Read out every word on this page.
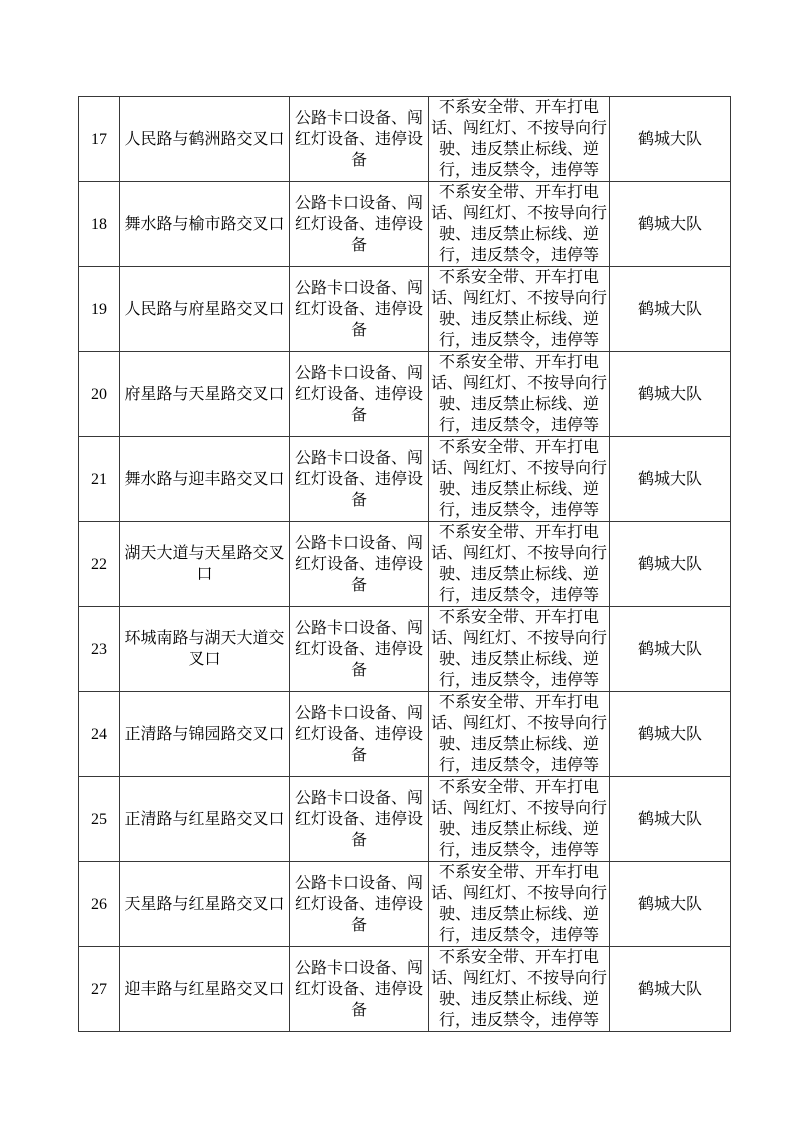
17	人民路与鹤洲路交叉口	公路卡口设备、闯红灯设备、违停设备	不系安全带、开车打电话、闯红灯、不按导向行驶、违反禁止标线、逆行，违反禁令，违停等	鹤城大队
18	舞水路与榆市路交叉口	公路卡口设备、闯红灯设备、违停设备	不系安全带、开车打电话、闯红灯、不按导向行驶、违反禁止标线、逆行，违反禁令，违停等	鹤城大队
19	人民路与府星路交叉口	公路卡口设备、闯红灯设备、违停设备	不系安全带、开车打电话、闯红灯、不按导向行驶、违反禁止标线、逆行，违反禁令，违停等	鹤城大队
20	府星路与天星路交叉口	公路卡口设备、闯红灯设备、违停设备	不系安全带、开车打电话、闯红灯、不按导向行驶、违反禁止标线、逆行，违反禁令，违停等	鹤城大队
21	舞水路与迎丰路交叉口	公路卡口设备、闯红灯设备、违停设备	不系安全带、开车打电话、闯红灯、不按导向行驶、违反禁止标线、逆行，违反禁令，违停等	鹤城大队
22	湖天大道与天星路交叉口	公路卡口设备、闯红灯设备、违停设备	不系安全带、开车打电话、闯红灯、不按导向行驶、违反禁止标线、逆行，违反禁令，违停等	鹤城大队
23	环城南路与湖天大道交叉口	公路卡口设备、闯红灯设备、违停设备	不系安全带、开车打电话、闯红灯、不按导向行驶、违反禁止标线、逆行，违反禁令，违停等	鹤城大队
24	正清路与锦园路交叉口	公路卡口设备、闯红灯设备、违停设备	不系安全带、开车打电话、闯红灯、不按导向行驶、违反禁止标线、逆行，违反禁令，违停等	鹤城大队
25	正清路与红星路交叉口	公路卡口设备、闯红灯设备、违停设备	不系安全带、开车打电话、闯红灯、不按导向行驶、违反禁止标线、逆行，违反禁令，违停等	鹤城大队
26	天星路与红星路交叉口	公路卡口设备、闯红灯设备、违停设备	不系安全带、开车打电话、闯红灯、不按导向行驶、违反禁止标线、逆行，违反禁令，违停等	鹤城大队
27	迎丰路与红星路交叉口	公路卡口设备、闯红灯设备、违停设备	不系安全带、开车打电话、闯红灯、不按导向行驶、违反禁止标线、逆行，违反禁令，违停等	鹤城大队
